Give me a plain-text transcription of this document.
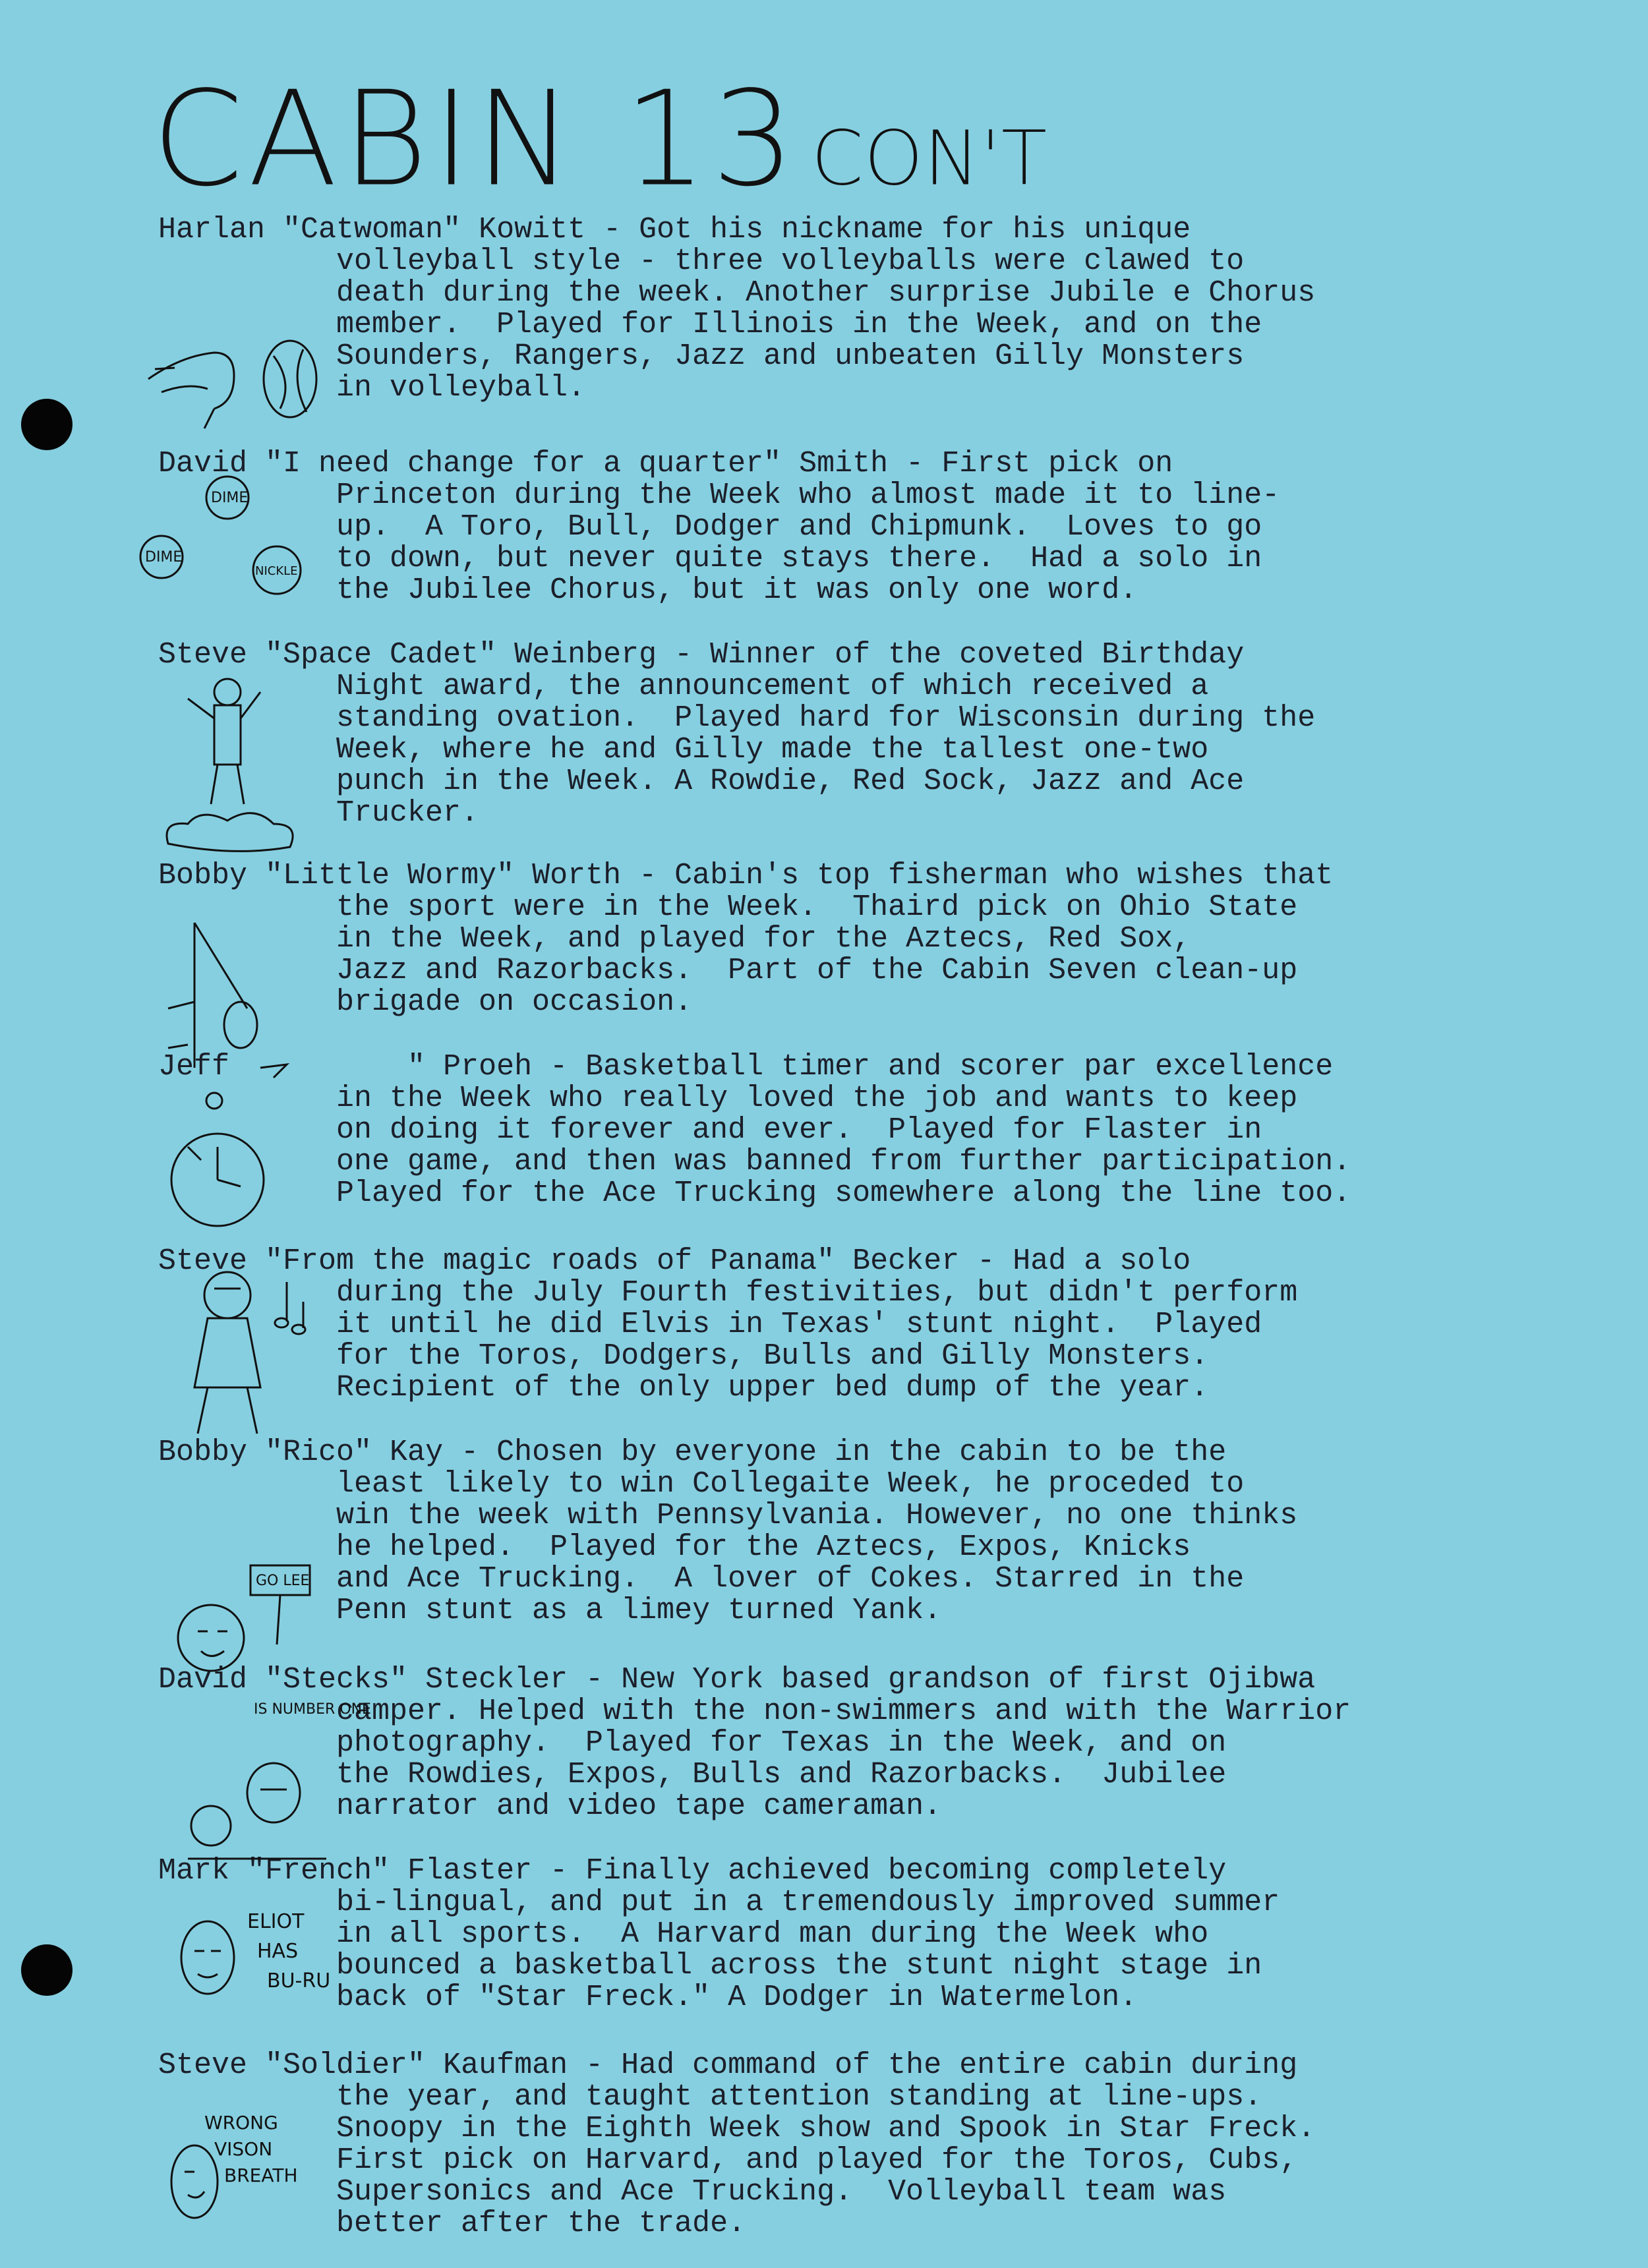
CABIN 13 CON'T
Harlan "Catwoman" Kowitt - Got his nickname for his unique
volleyball style - three volleyballs were clawed to
death during the week. Another surprise Jubile e Chorus
member.  Played for Illinois in the Week, and on the
Sounders, Rangers, Jazz and unbeaten Gilly Monsters
in volleyball.
David "I need change for a quarter" Smith - First pick on
Princeton during the Week who almost made it to line-
up.  A Toro, Bull, Dodger and Chipmunk.  Loves to go
to down, but never quite stays there.  Had a solo in
the Jubilee Chorus, but it was only one word.
Steve "Space Cadet" Weinberg - Winner of the coveted Birthday
Night award, the announcement of which received a
standing ovation.  Played hard for Wisconsin during the
Week, where he and Gilly made the tallest one-two
punch in the Week. A Rowdie, Red Sock, Jazz and Ace
Trucker.
Bobby "Little Wormy" Worth - Cabin's top fisherman who wishes that
the sport were in the Week.  Thaird pick on Ohio State
in the Week, and played for the Aztecs, Red Sox,
Jazz and Razorbacks.  Part of the Cabin Seven clean-up
brigade on occasion.
Jeff          " Proeh - Basketball timer and scorer par excellence
in the Week who really loved the job and wants to keep
on doing it forever and ever.  Played for Flaster in
one game, and then was banned from further participation.
Played for the Ace Trucking somewhere along the line too.
Steve "From the magic roads of Panama" Becker - Had a solo
during the July Fourth festivities, but didn't perform
it until he did Elvis in Texas' stunt night.  Played
for the Toros, Dodgers, Bulls and Gilly Monsters.
Recipient of the only upper bed dump of the year.
Bobby "Rico" Kay - Chosen by everyone in the cabin to be the
least likely to win Collegaite Week, he proceded to
win the week with Pennsylvania. However, no one thinks
he helped.  Played for the Aztecs, Expos, Knicks
and Ace Trucking.  A lover of Cokes. Starred in the
Penn stunt as a limey turned Yank.
David "Stecks" Steckler - New York based grandson of first Ojibwa
camper. Helped with the non-swimmers and with the Warrior
photography.  Played for Texas in the Week, and on
the Rowdies, Expos, Bulls and Razorbacks.  Jubilee
narrator and video tape cameraman.
Mark "French" Flaster - Finally achieved becoming completely
bi-lingual, and put in a tremendously improved summer
in all sports.  A Harvard man during the Week who
bounced a basketball across the stunt night stage in
back of "Star Freck." A Dodger in Watermelon.
Steve "Soldier" Kaufman - Had command of the entire cabin during
the year, and taught attention standing at line-ups.
Snoopy in the Eighth Week show and Spook in Star Freck.
First pick on Harvard, and played for the Toros, Cubs,
Supersonics and Ace Trucking.  Volleyball team was
better after the trade.
DIME
DIME
NICKLE
GO LEE
IS NUMBER ONE
ELIOT
HAS
BU-RU
WRONG
VISON
BREATH
